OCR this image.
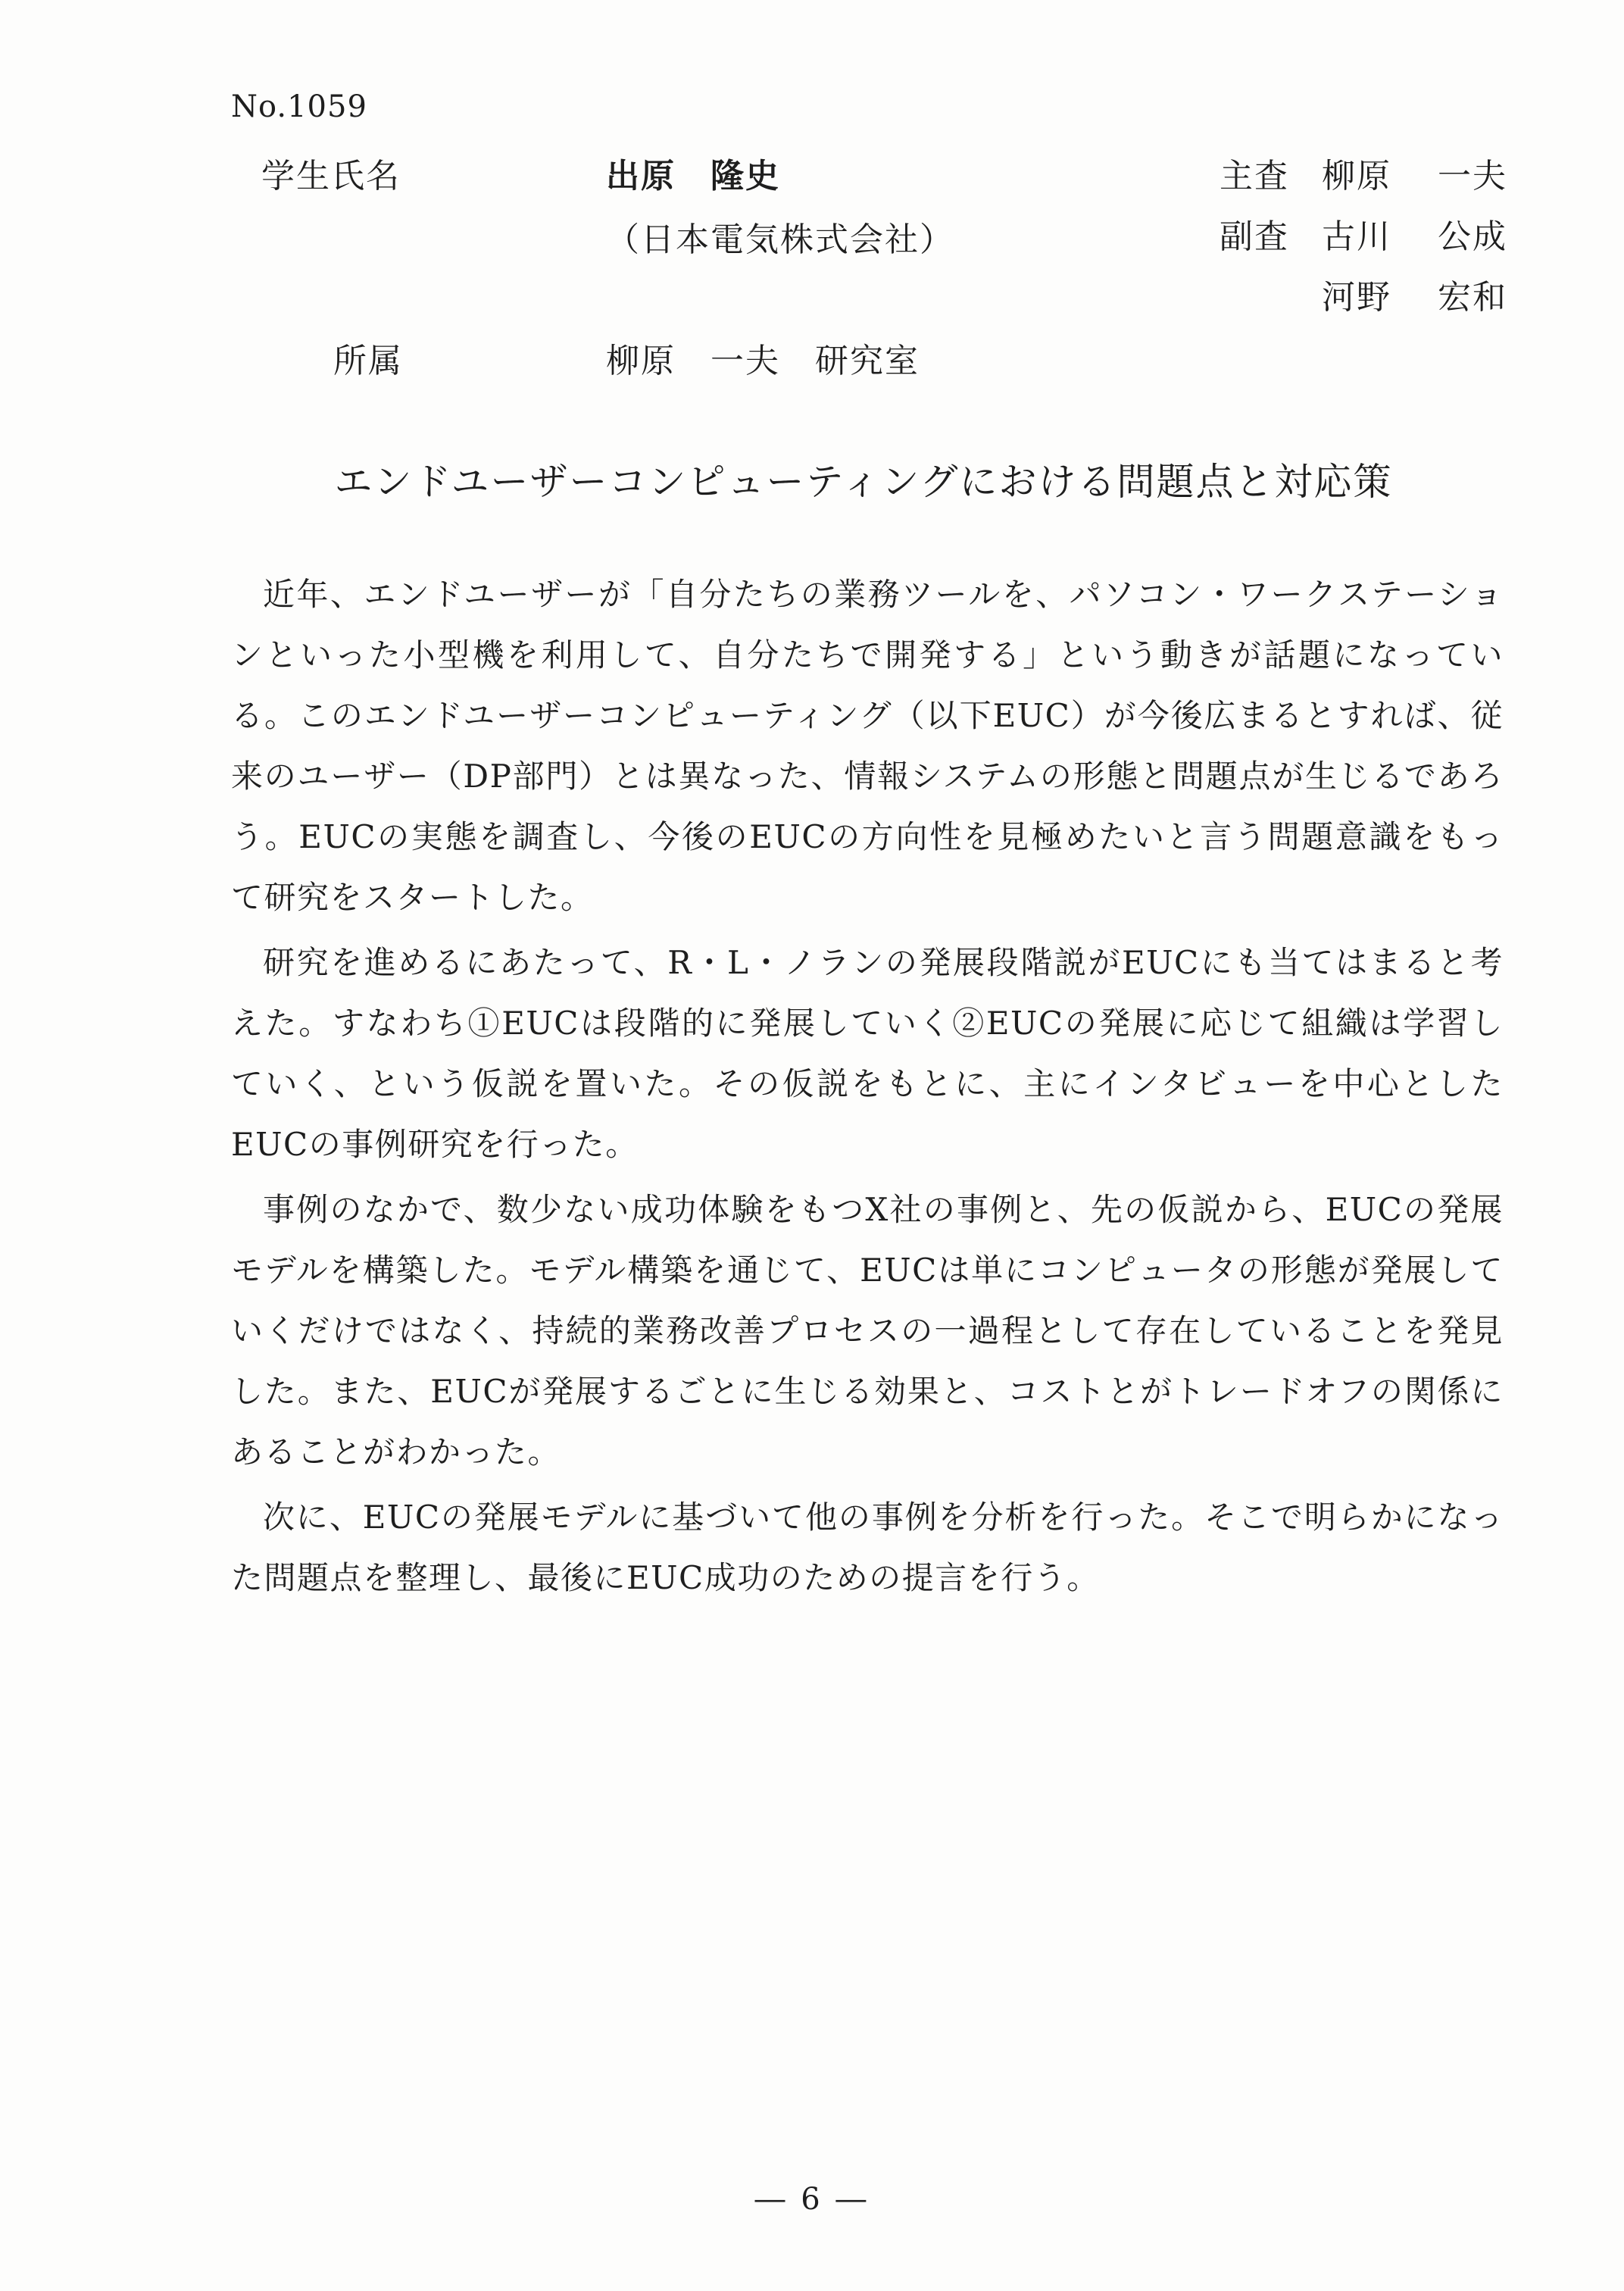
No.1059
学生氏名	出原　隆史
（日本電気株式会社）
主査 柳原 一夫
副査 古川 公成
河野 宏和
所属	柳原　一夫　研究室
エンドユーザーコンピューティングにおける問題点と対応策

近年、エンドユーザーが「自分たちの業務ツールを、パソコン・ワークステーションといった小型機を利用して、自分たちで開発する」という動きが話題になっている。このエンドユーザーコンピューティング（以下EUC）が今後広まるとすれば、従来のユーザー（DP部門）とは異なった、情報システムの形態と問題点が生じるであろう。EUCの実態を調査し、今後のEUCの方向性を見極めたいと言う問題意識をもって研究をスタートした。

研究を進めるにあたって、R・L・ノランの発展段階説がEUCにも当てはまると考えた。すなわち①EUCは段階的に発展していく②EUCの発展に応じて組織は学習していく、という仮説を置いた。その仮説をもとに、主にインタビューを中心としたEUCの事例研究を行った。

事例のなかで、数少ない成功体験をもつX社の事例と、先の仮説から、EUCの発展モデルを構築した。モデル構築を通じて、EUCは単にコンピュータの形態が発展していくだけではなく、持続的業務改善プロセスの一過程として存在していることを発見した。また、EUCが発展するごとに生じる効果と、コストとがトレードオフの関係にあることがわかった。

次に、EUCの発展モデルに基づいて他の事例を分析を行った。そこで明らかになった問題点を整理し、最後にEUC成功のための提言を行う。

― 6 ―
